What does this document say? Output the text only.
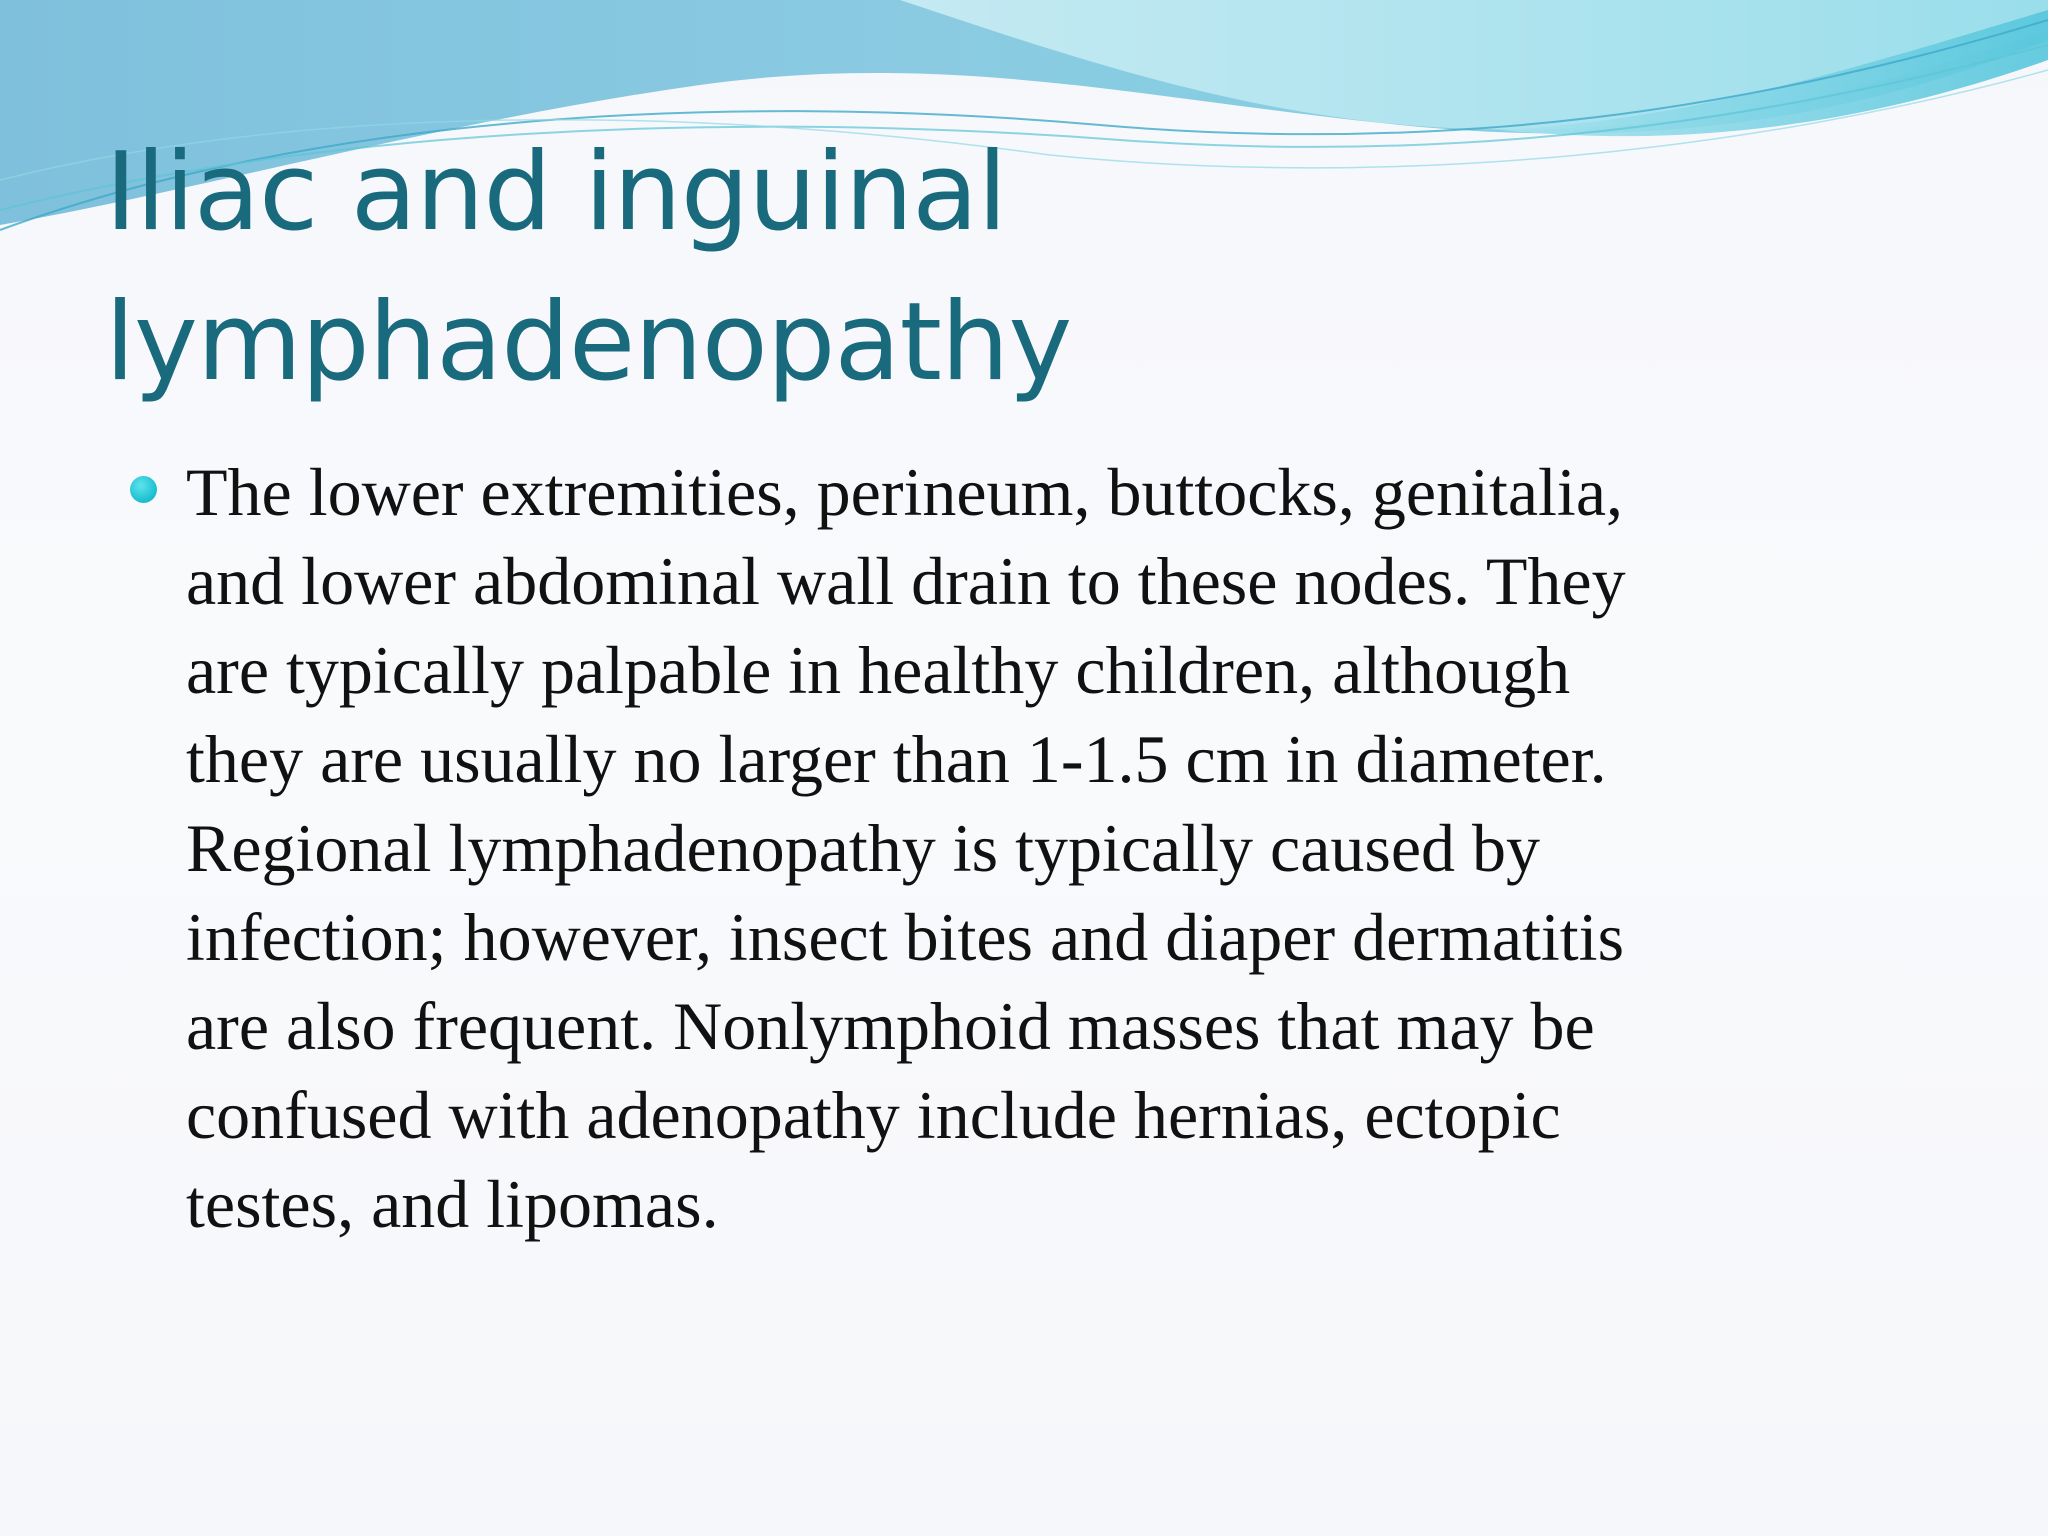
Iliac and inguinal
lymphadenopathy

The lower extremities, perineum, buttocks, genitalia,
and lower abdominal wall drain to these nodes. They
are typically palpable in healthy children, although
they are usually no larger than 1-1.5 cm in diameter.
Regional lymphadenopathy is typically caused by
infection; however, insect bites and diaper dermatitis
are also frequent. Nonlymphoid masses that may be
confused with adenopathy include hernias, ectopic
testes, and lipomas.
